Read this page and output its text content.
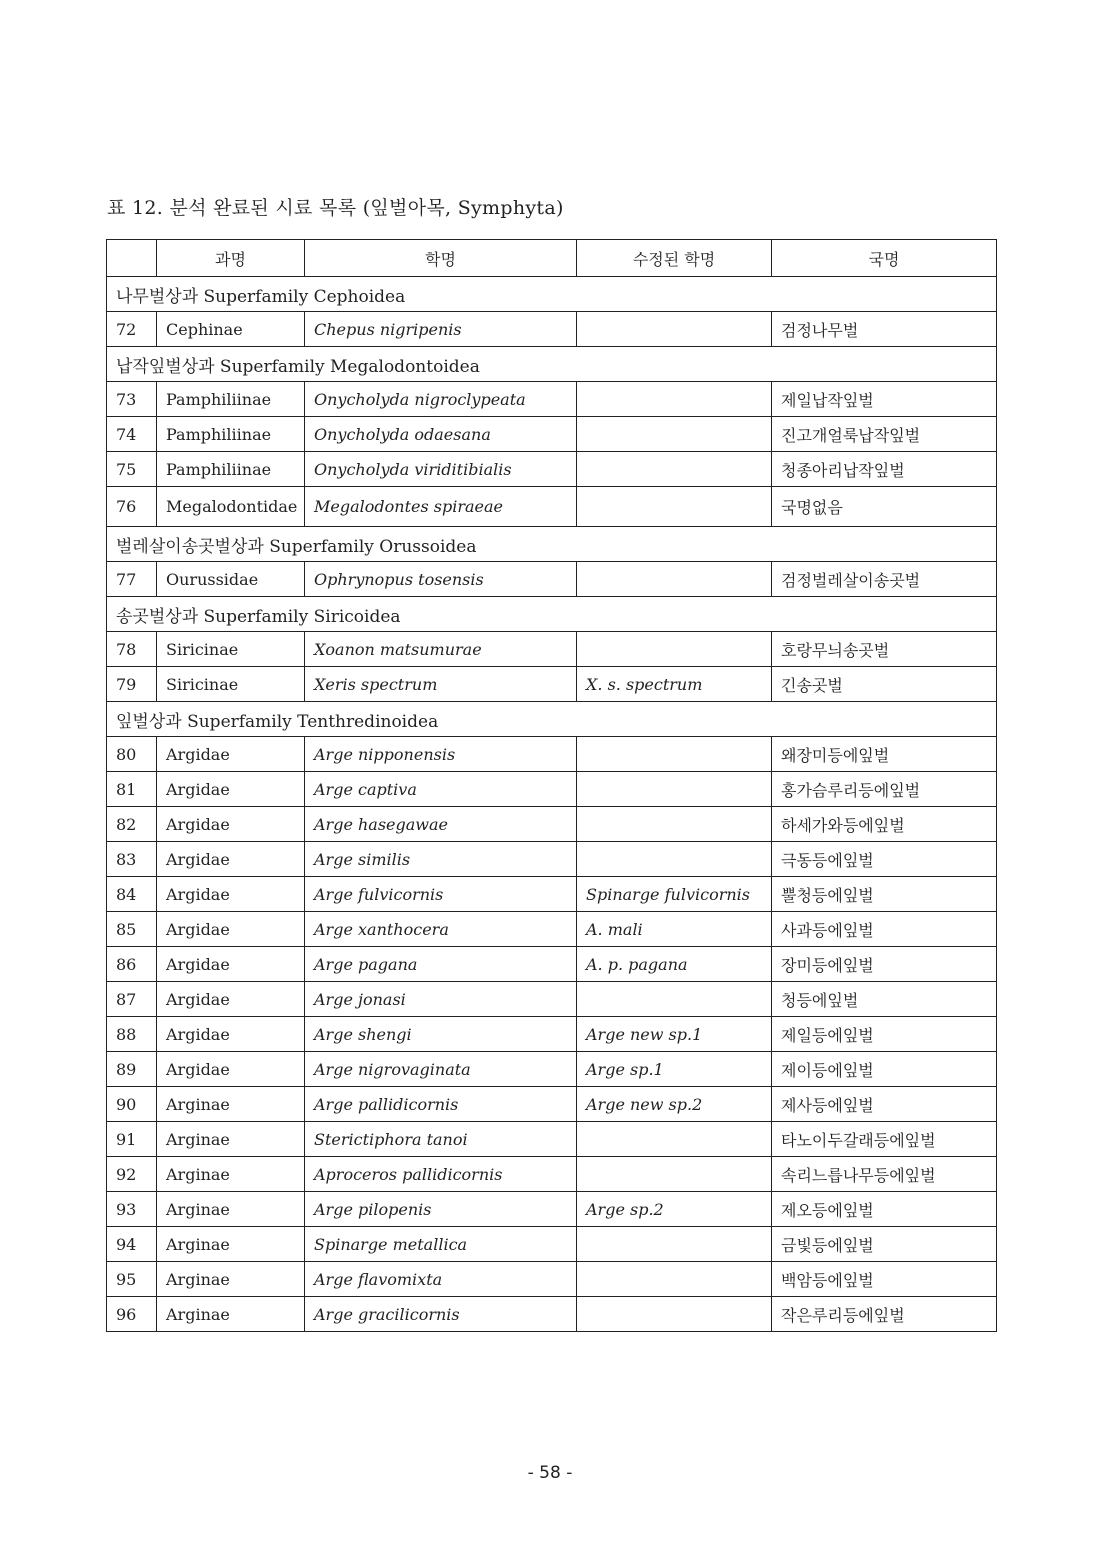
표 12. 분석 완료된 시료 목록 (잎벌아목, Symphyta)
	과명	학명	수정된 학명	국명
나무벌상과 Superfamily Cephoidea				
72	Cephinae	Chepus nigripenis		검정나무벌
납작잎벌상과 Superfamily Megalodontoidea				
73	Pamphiliinae	Onycholyda nigroclypeata		제일납작잎벌
74	Pamphiliinae	Onycholyda odaesana		진고개얼룩납작잎벌
75	Pamphiliinae	Onycholyda viriditibialis		청종아리납작잎벌
76	Megalodontidae	Megalodontes spiraeae		국명없음
벌레살이송곳벌상과 Superfamily Orussoidea				
77	Ourussidae	Ophrynopus tosensis		검정벌레살이송곳벌
송곳벌상과 Superfamily Siricoidea				
78	Siricinae	Xoanon matsumurae		호랑무늬송곳벌
79	Siricinae	Xeris spectrum	X. s. spectrum	긴송곳벌
잎벌상과 Superfamily Tenthredinoidea				
80	Argidae	Arge nipponensis		왜장미등에잎벌
81	Argidae	Arge captiva		홍가슴루리등에잎벌
82	Argidae	Arge hasegawae		하세가와등에잎벌
83	Argidae	Arge similis		극동등에잎벌
84	Argidae	Arge fulvicornis	Spinarge fulvicornis	뿔청등에잎벌
85	Argidae	Arge xanthocera	A. mali	사과등에잎벌
86	Argidae	Arge pagana	A. p. pagana	장미등에잎벌
87	Argidae	Arge jonasi		청등에잎벌
88	Argidae	Arge shengi	Arge new sp.1	제일등에잎벌
89	Argidae	Arge nigrovaginata	Arge sp.1	제이등에잎벌
90	Arginae	Arge pallidicornis	Arge new sp.2	제사등에잎벌
91	Arginae	Sterictiphora tanoi		타노이두갈래등에잎벌
92	Arginae	Aproceros pallidicornis		속리느릅나무등에잎벌
93	Arginae	Arge pilopenis	Arge sp.2	제오등에잎벌
94	Arginae	Spinarge metallica		금빛등에잎벌
95	Arginae	Arge flavomixta		백암등에잎벌
96	Arginae	Arge gracilicornis		작은루리등에잎벌
- 58 -
